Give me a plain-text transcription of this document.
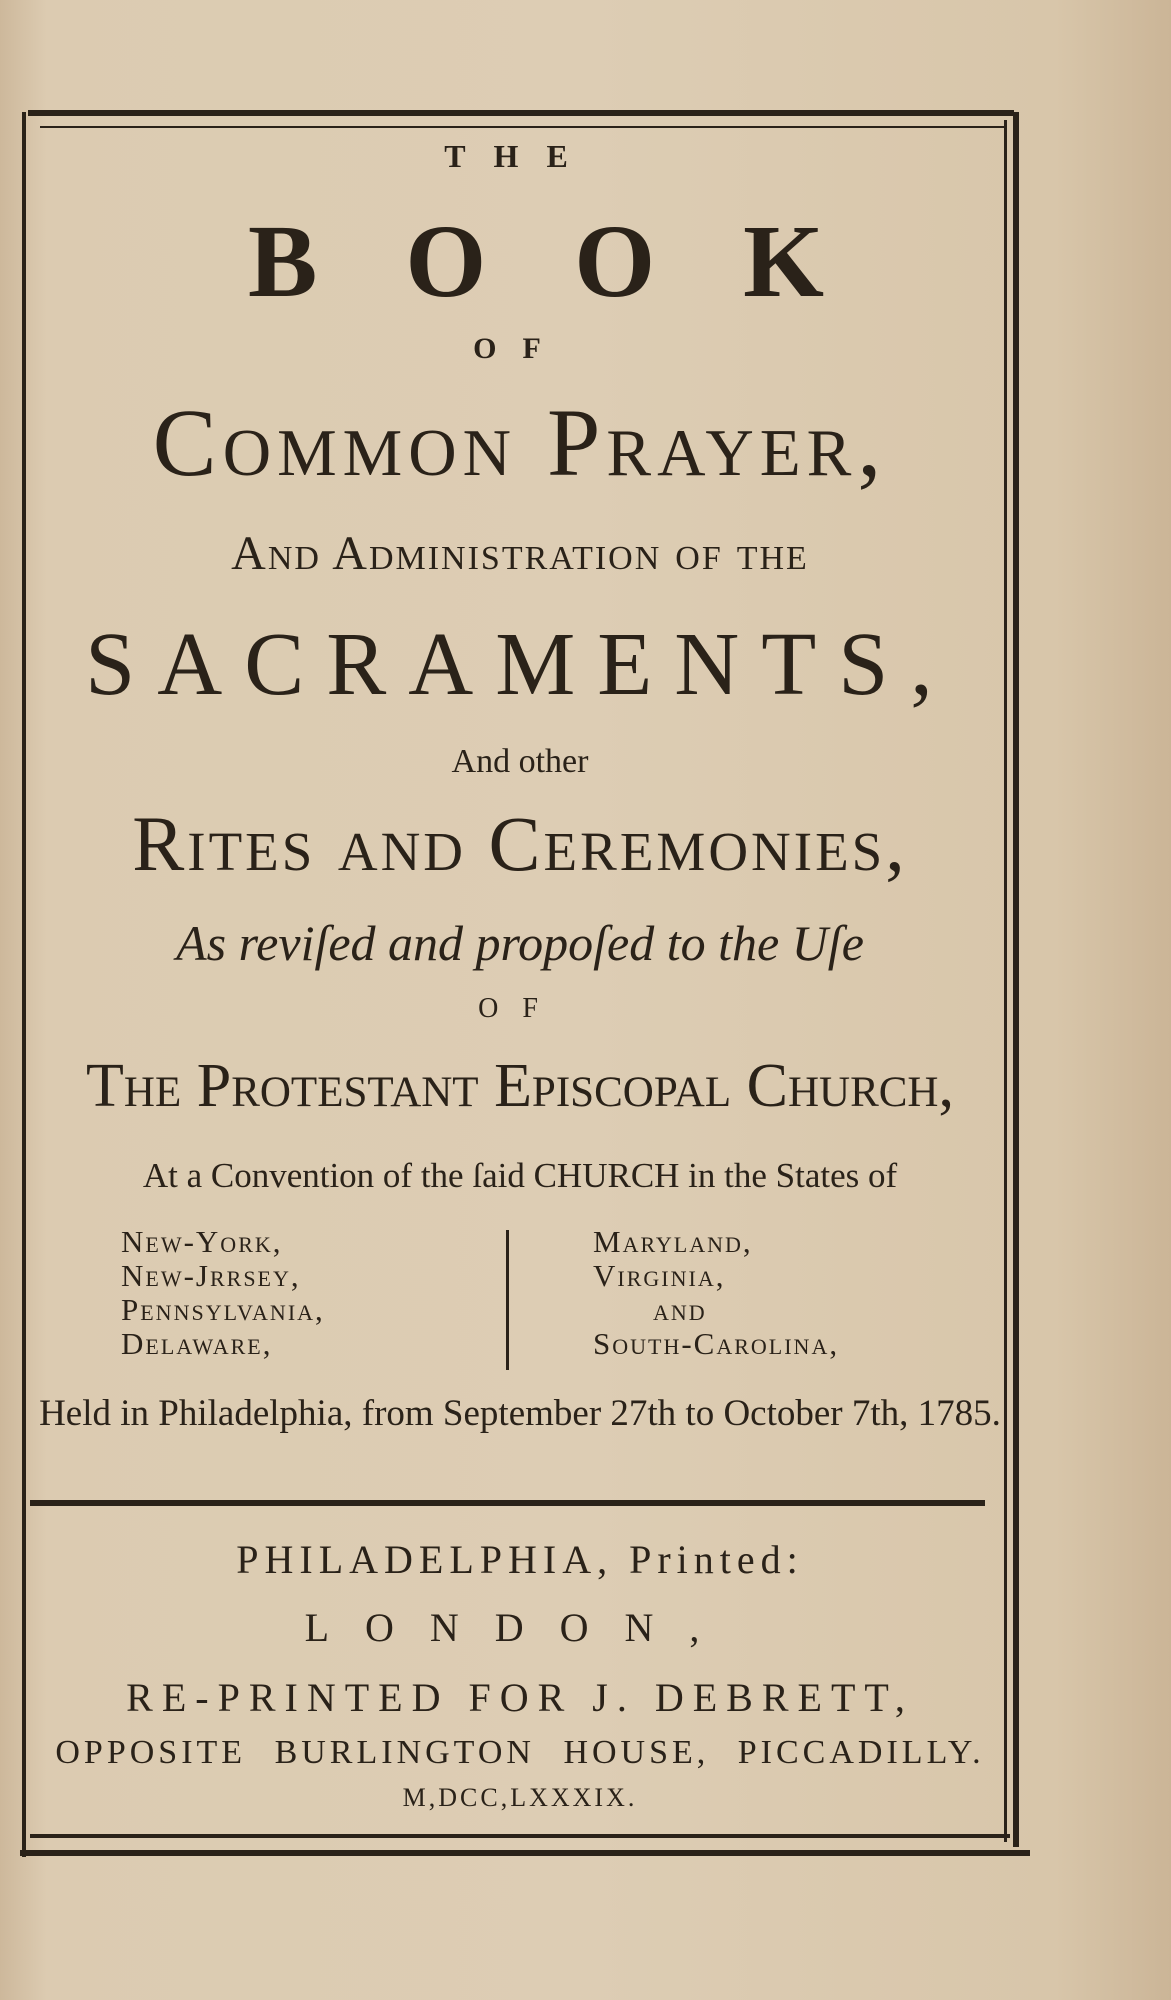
THE
BOOK
OF
Common Prayer,
And Administration of the
SACRAMENTS,
And other
Rites and Ceremonies,
As reviſed and propoſed to the Uſe
OF
The Proteſtant Epiſcopal Church,
At a Convention of the ſaid CHURCH in the States of
New-York,
New-Jrrsey,
Pennsylvania,
Delaware,
Maryland,
Virginia,
and
South-Carolina,
Held in Philadelphia, from September 27th to October 7th, 1785.
PHILADELPHIA, Printed:
LONDON,
RE-PRINTED FOR J. DEBRETT,
OPPOSITE BURLINGTON HOUSE, PICCADILLY.
M,DCC,LXXXIX.
